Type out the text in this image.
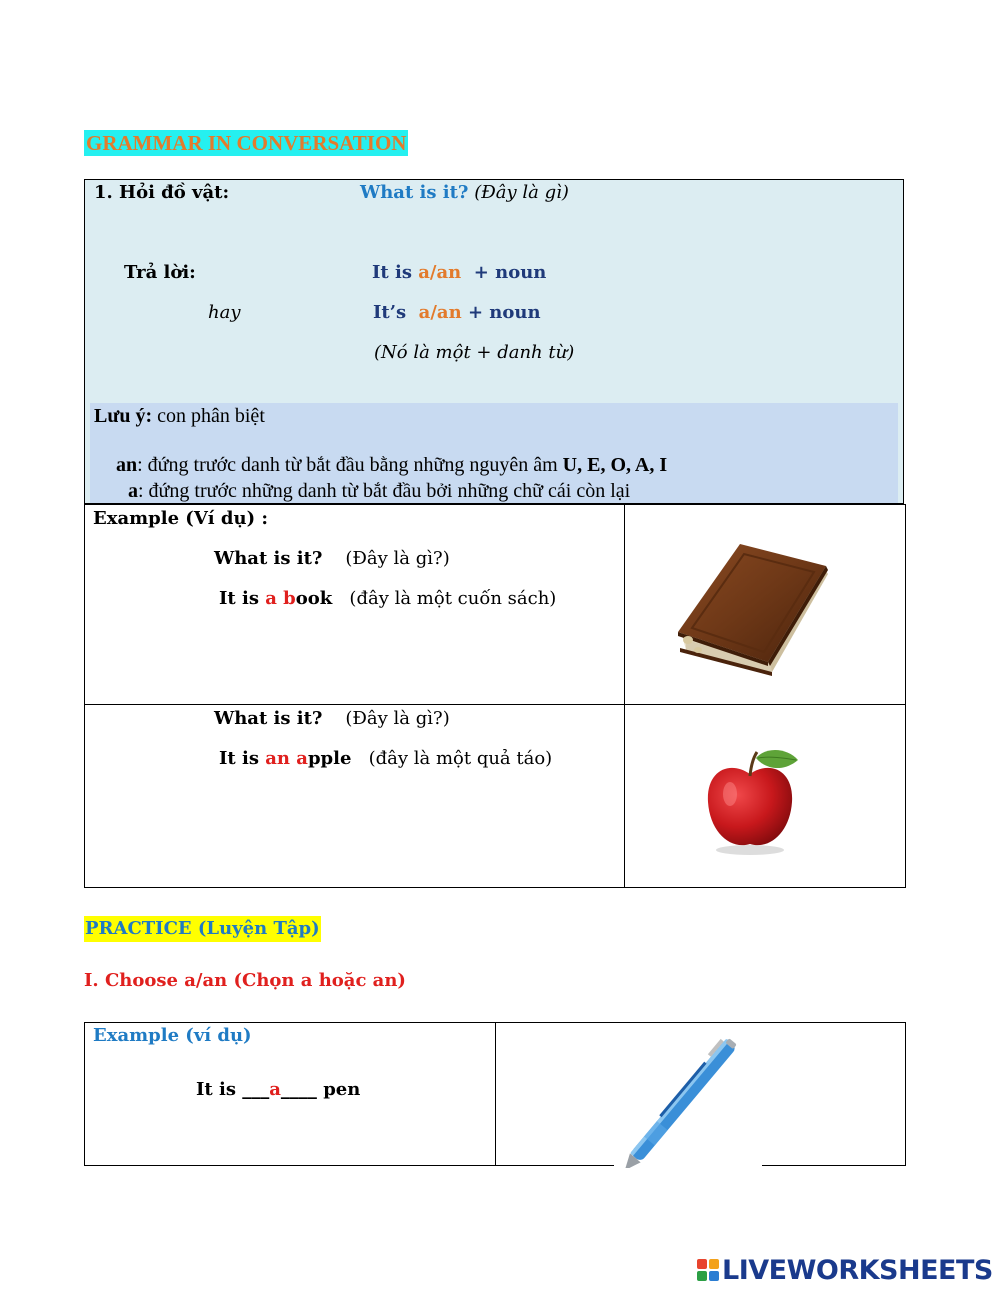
GRAMMAR IN CONVERSATION
1. Hỏi đồ vật:	What is it? (Đây là gì)
Trả lời:	It is a/an  + noun
hay	It’s  a/an + noun
(Nó là một + danh từ)
Lưu ý: con phân biệt
an: đứng trước danh từ bắt đầu bằng những nguyên âm U, E, O, A, I
a: đứng trước những danh từ bắt đầu bởi những chữ cái còn lại
Example (Ví dụ) :
What is it? (Đây là gì?)
It is a book (đây là một cuốn sách)
What is it? (Đây là gì?)
It is an apple (đây là một quả táo)
PRACTICE (Luyện Tập)
I. Choose a/an (Chọn a hoặc an)
Example (ví dụ)
It is ___a____ pen
LIVEWORKSHEETS
